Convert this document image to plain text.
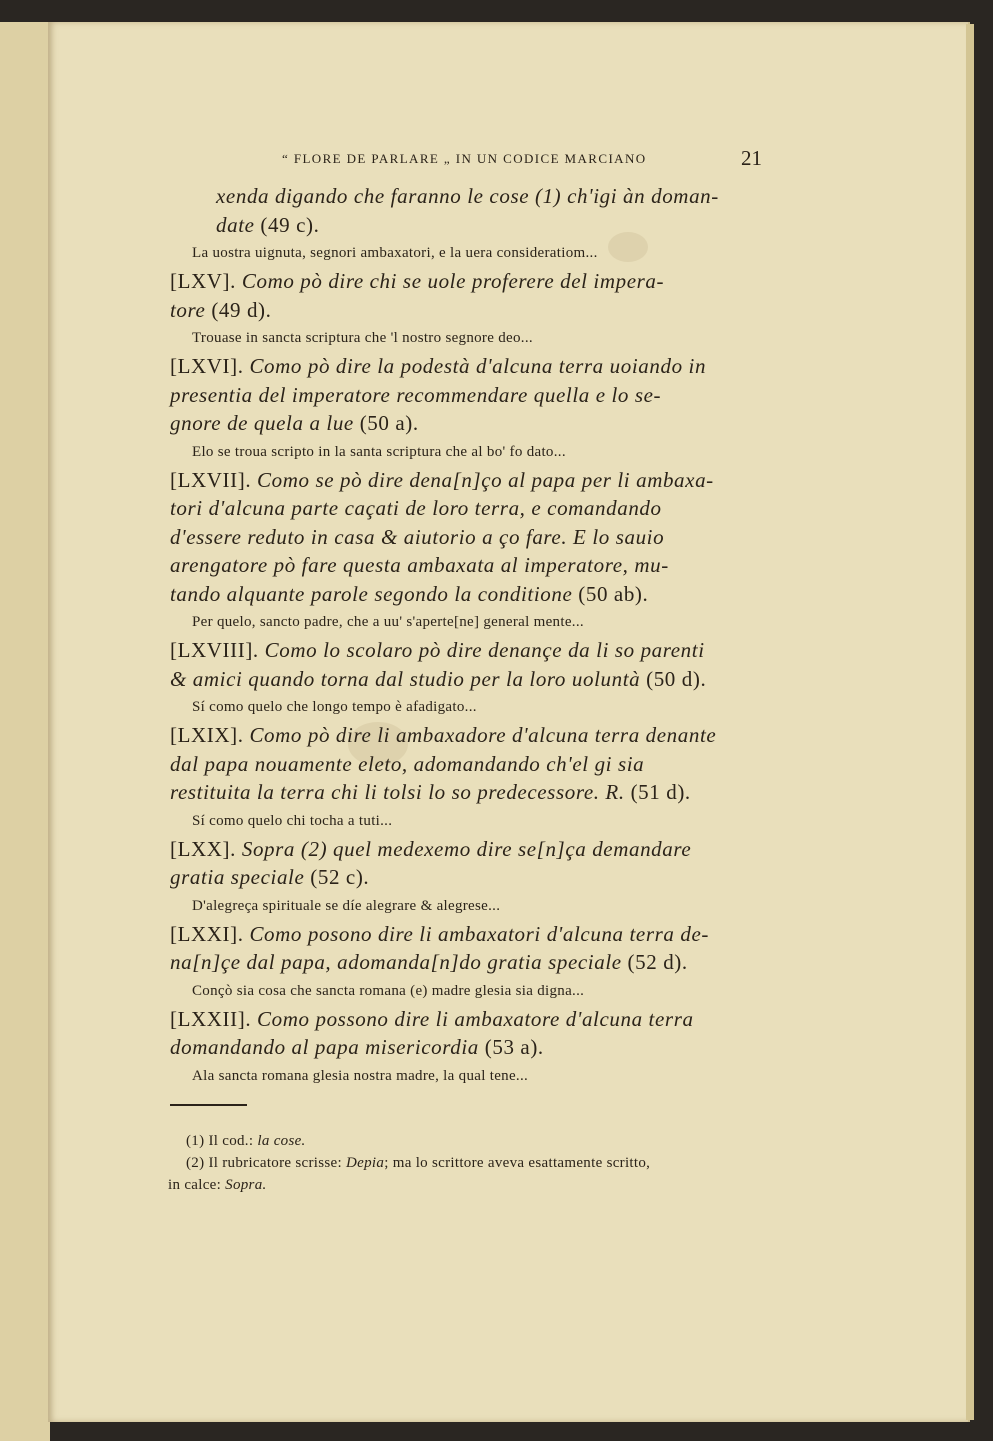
“ FLORE DE PARLARE „ IN UN CODICE MARCIANO	21
xenda digando che faranno le cose (1) ch'igi àn doman-
date (49 c).
La uostra uignuta, segnori ambaxatori, e la uera consideratiom...
[LXV]. Como pò dire chi se uole proferere del impera-
tore (49 d).
Trouase in sancta scriptura che 'l nostro segnore deo...
[LXVI]. Como pò dire la podestà d'alcuna terra uoiando in
presentia del imperatore recommendare quella e lo se-
gnore de quela a lue (50 a).
Elo se troua scripto in la santa scriptura che al bo' fo dato...
[LXVII]. Como se pò dire dena[n]ço al papa per li ambaxa-
tori d'alcuna parte caçati de loro terra, e comandando
d'essere reduto in casa & aiutorio a ço fare. E lo sauio
arengatore pò fare questa ambaxata al imperatore, mu-
tando alquante parole segondo la conditione (50 ab).
Per quelo, sancto padre, che a uu' s'aperte[ne] general mente...
[LXVIII]. Como lo scolaro pò dire denançe da li so parenti
& amici quando torna dal studio per la loro uoluntà (50 d).
Sí como quelo che longo tempo è afadigato...
[LXIX]. Como pò dire li ambaxadore d'alcuna terra denante
dal papa nouamente eleto, adomandando ch'el gi sia
restituita la terra chi li tolsi lo so predecessore. R. (51 d).
Sí como quelo chi tocha a tuti...
[LXX]. Sopra (2) quel medexemo dire se[n]ça demandare
gratia speciale (52 c).
D'alegreça spirituale se díe alegrare & alegrese...
[LXXI]. Como posono dire li ambaxatori d'alcuna terra de-
na[n]çe dal papa, adomanda[n]do gratia speciale (52 d).
Conçò sia cosa che sancta romana (e) madre glesia sia digna...
[LXXII]. Como possono dire li ambaxatore d'alcuna terra
domandando al papa misericordia (53 a).
Ala sancta romana glesia nostra madre, la qual tene...
(1) Il cod.: la cose.
(2) Il rubricatore scrisse: Depia; ma lo scrittore aveva esattamente scritto,
in calce: Sopra.
